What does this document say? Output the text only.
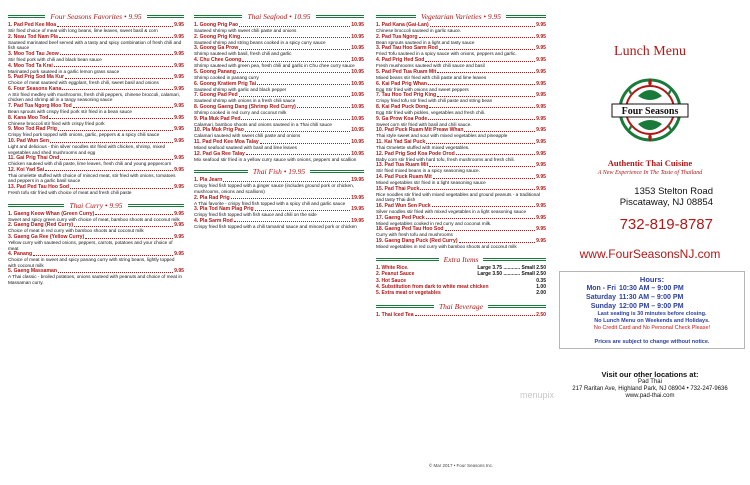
Four Seasons Favorites • 9.95
1. Pad Ped Kee Moa	9.95
Stir fried choice of meat with long beans, lime leaves, sweet basil & corn
2. Neau Tod Nam Pla	9.95
Sauteed marinated beef served with a tasty and spicy combination of fresh chili and fish sauce
3. Moo Tod Tau Jeow	9.95
Stir fried pork with chili and black bean sauce
4. Moo Tod Ta Krai	9.95
Marinated pork sauteed in a garlic lemon grass sauce
5. Pad Prig Sod Ma Kur	9.95
Choice of meat sauteed with eggplant, fresh chili, sweet basil and onions
6. Four Seasons Kana	9.95
A Stir fried medley with mushrooms, fresh chili peppers, chinese broccoli, calamari, chicken and shrimp all in a tangy seasoning sauce
7. Pad Tua Ngorg Moo Tod	9.95
Bean sprouts with crispy fried pork stir fried in a bean sauce
8. Kana Moo Tod	9.95
Chinese broccoli stir fried with crispy fried pork
9. Moo Tod Rad Prig	9.95
Crispy fried pork topped with onions, garlic, peppers & a spicy chili sauce
10. Pad Wun Sen	9.95
Light and delicious - thin silver noodles stir fried with chicken, shrimp, mixed vegetables and shed mushrooms and egg
11. Gai Prig Thai Ond	9.95
Chicken sauteed with chili paste, lime leaves, fresh chili and young peppercorn
12. Koi Yad Sai	9.95
Thai omelette stuffed with choice of minced meat, stir fried with onions, tomatoes and peppers in a garlic basil sauce
13. Pad Ped Tau Hoo Sod	9.95
Fresh tofu stir fried with choice of meat and fresh chili paste
Thai Curry • 9.95
1. Gaeng Keow Whan (Green Curry)	9.95
Sweet and spicy green curry with choice of meat, bamboo shoots and coconut milk
2. Gaeng Dang (Red Curry)	9.95
Choice of meat in red curry with bamboo shoots and coconut milk
3. Gaeng Ga Ree (Yellow Curry)	9.95
Yellow curry with sauteed onions, peppers, carrots, potatoes and your choice of meat
4. Panang	9.95
Choice of meat in sweet and spicy panang curry with string beans, lightly topped with coconut milk
5. Gaeng Massaman	9.95
A Thai classic - broiled potatoes, onions sauteed with peanuts and choice of meat in Massaman curry.
Thai Seafood • 10.95
1. Goong Prig Pao	10.95
Sauteed shrimp with sweet chili paste and onions
2. Goong Prig King	10.95
Sauteed shrimp and string beans cooked in a spicy curry sauce
3. Goong Ga Prow	10.95
Shrimp sauteed with basil, fresh chili and garlic
4. Chu Chee Goong	10.95
Shrimp sauteed with green pea, fresh chili and garlic in Chu chee curry sauce
5. Goong Panang	10.95
Shrimp cooked in panang curry
6. Goong Kratiem Prig Tai	10.95
Sauteed shrimp with garlic and black pepper
7. Goong Pad Ped	10.95
Sauteed shrimp with onions in a fresh chili sauce
8. Goong Gaeng Dang (Shrimp Red Curry)	10.95
Shrimp cooked in red curry and coconut milk
9. Pla Muk Pad Ped	10.95
Calamari, bamboo shoots and onions sauteed in a Thai chili sauce
10. Pla Muk Prig Pao	10.95
Calamari sauteed with sweet chili paste and onions
11. Pad Ped Kee Moa Talay	10.95
Mixed seafood sauteed with basil and lime leaves
12. Pad Ga Ree Talay	10.95
Mix seafood stir fried in a yellow curry sauce with onions, peppers and scallion
Thai Fish • 19.95
1. Pla Jearn	19.95
Crispy fried fish topped with a ginger sauce (includes ground pork or chicken, mushrooms, onions and scallions)
2. Pla Rad Prig	19.95
A Thai favorite - crispy fried fish topped with a spicy chili and garlic sauce
3. Pla Tod Nam Plag Prig	19.95
Crispy fried fish topped with fish sauce and chili on the side
4. Pla Sarm Rod	19.95
Crispy fried fish topped with a chili tamarind sauce and minced pork or chicken
Vegetarian Varieties • 9.95
1. Pad Kana (Gai-Lan)	9.95
Chinese broccoli sauteed in garlic sauce.
2. Pad Tua Ngorg	9.95
Bean sprouts sauteed in a light and tasty sauce
3. Pad Tau Hoo Sarm Rod	9.95
Fried Tofu sauteed in a spicy sauce with onions, peppers and garlic.
4. Pad Prig Hed Sod	9.95
Fresh mushrooms sauteed with chili sauce and basil
5. Pad Ped Tua Ruam Mit	9.95
Mixed beans stir fried with chili paste and lime leaves
6. Kai Pad Prig Whan	9.95
Egg Stir fried with onions and sweet peppers
7. Tau Hoo Tod Prig King	9.95
Crispy fried tofu stir fried with chili paste and string bean
8. Kai Pad Puck Dong	9.95
Egg Stir fried with pickles, vegetables and fresh chili.
9. Ga Prow Koa Pode	9.95
Sweet corn stir fried with basil and chili sauce.
10. Pad Puck Ruam Mit Preaw Whan	9.95
Thai style sweet and sour with mixed vegetables and pineapple
11. Kai Yad Sai Puck	9.95
Thai Omelette stuffed with mixed vegetables.
12. Pad Prig Sod Koa Pode Orod	9.95
Baby corn stir fried with hard tofu, fresh mushrooms and fresh chili.
13. Pad Tua Ruam Mit	9.95
Stir fried mixed beans in a spicy seasoning sauce.
14. Pad Puck Ruam Mit	9.95
Mixed vegetables stir fried in a light seasoning sauce
15. Pad Thai Puck	9.95
Rice noodles stir fried with mixed vegetables and ground peanuts - a traditional and tasty Thai dish
16. Pad Wun Sen Puck	9.95
Silver noodles stir fried with mixed vegetables in a light seasoning sauce
17. Gaeng Ped Puck	9.95
Mixed vegetables cooked in red curry and coconut milk.
18. Gaeng Ped Tau Hoo Sod	9.95
Curry with fresh tofu and mushrooms
19. Gaeng Dang Puck (Red Curry)	9.95
Mixed vegetables in red curry with bamboo shoots and coconut milk
Extra Items
1. White Rice.	Large 3.75 ............ Small 2.50
2. Peanut Sauce	Large 3.50 ............ Small 2.50
3. Hot Sauce	0.35
4. Substitution from dark to white meat chicken	1.00
5. Extra meat or vegetables	2.00
Thai Beverage
1. Thai Iced Tea	2.50
Lunch Menu
Four Seasons
Authentic Thai Cuisine
A New Experience In The Taste of Thailand
1353 Stelton Road
Piscataway, NJ 08854
732-819-8787
www.FourSeasonsNJ.com
Hours:
Mon - Fri 10:30 AM – 9:00 PM
Saturday 11:30 AM – 9:00 PM
Sunday 12:00 PM – 9:00 PM
Last seating is 30 minutes before closing.
No Lunch Menu on Weekends and Holidays.
No Credit Card and No Personal Check Please!
Prices are subject to change without notice.
Visit our other locations at:
Pad Thai
217 Raritan Ave, Highland Park, NJ 08904 • 732-247-9636
www.pad-thai.com
© Mar 2017 • Four Seasons Inc.
menupix
